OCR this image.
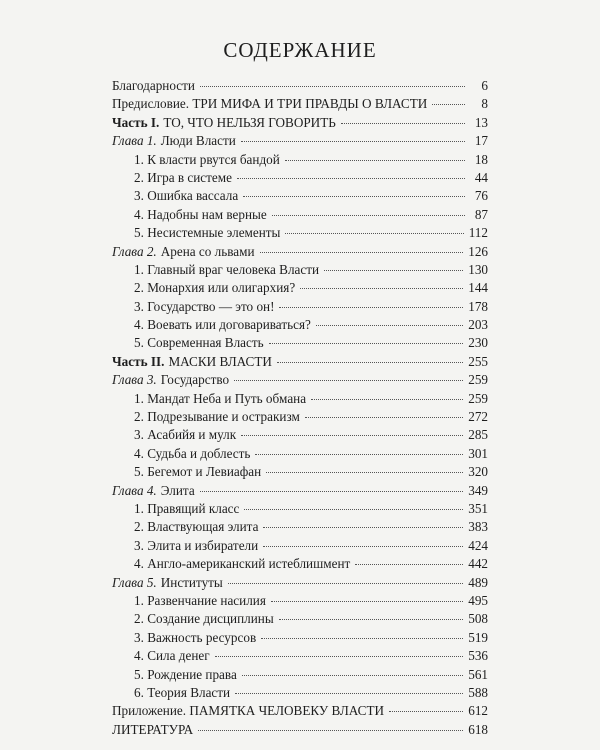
СОДЕРЖАНИЕ
Благодарности	6
Предисловие. ТРИ МИФА И ТРИ ПРАВДЫ О ВЛАСТИ	8
Часть I. ТО, ЧТО НЕЛЬЗЯ ГОВОРИТЬ	13
Глава 1. Люди Власти	17
1. К власти рвутся бандой	18
2. Игра в системе	44
3. Ошибка вассала	76
4. Надобны нам верные	87
5. Несистемные элементы	112
Глава 2. Арена со львами	126
1. Главный враг человека Власти	130
2. Монархия или олигархия?	144
3. Государство — это он!	178
4. Воевать или договариваться?	203
5. Современная Власть	230
Часть II. МАСКИ ВЛАСТИ	255
Глава 3. Государство	259
1. Мандат Неба и Путь обмана	259
2. Подрезывание и остракизм	272
3. Асабийя и мулк	285
4. Судьба и доблесть	301
5. Бегемот и Левиафан	320
Глава 4. Элита	349
1. Правящий класс	351
2. Властвующая элита	383
3. Элита и избиратели	424
4. Англо-американский истеблишмент	442
Глава 5. Институты	489
1. Развенчание насилия	495
2. Создание дисциплины	508
3. Важность ресурсов	519
4. Сила денег	536
5. Рождение права	561
6. Теория Власти	588
Приложение. ПАМЯТКА ЧЕЛОВЕКУ ВЛАСТИ	612
ЛИТЕРАТУРА	618
